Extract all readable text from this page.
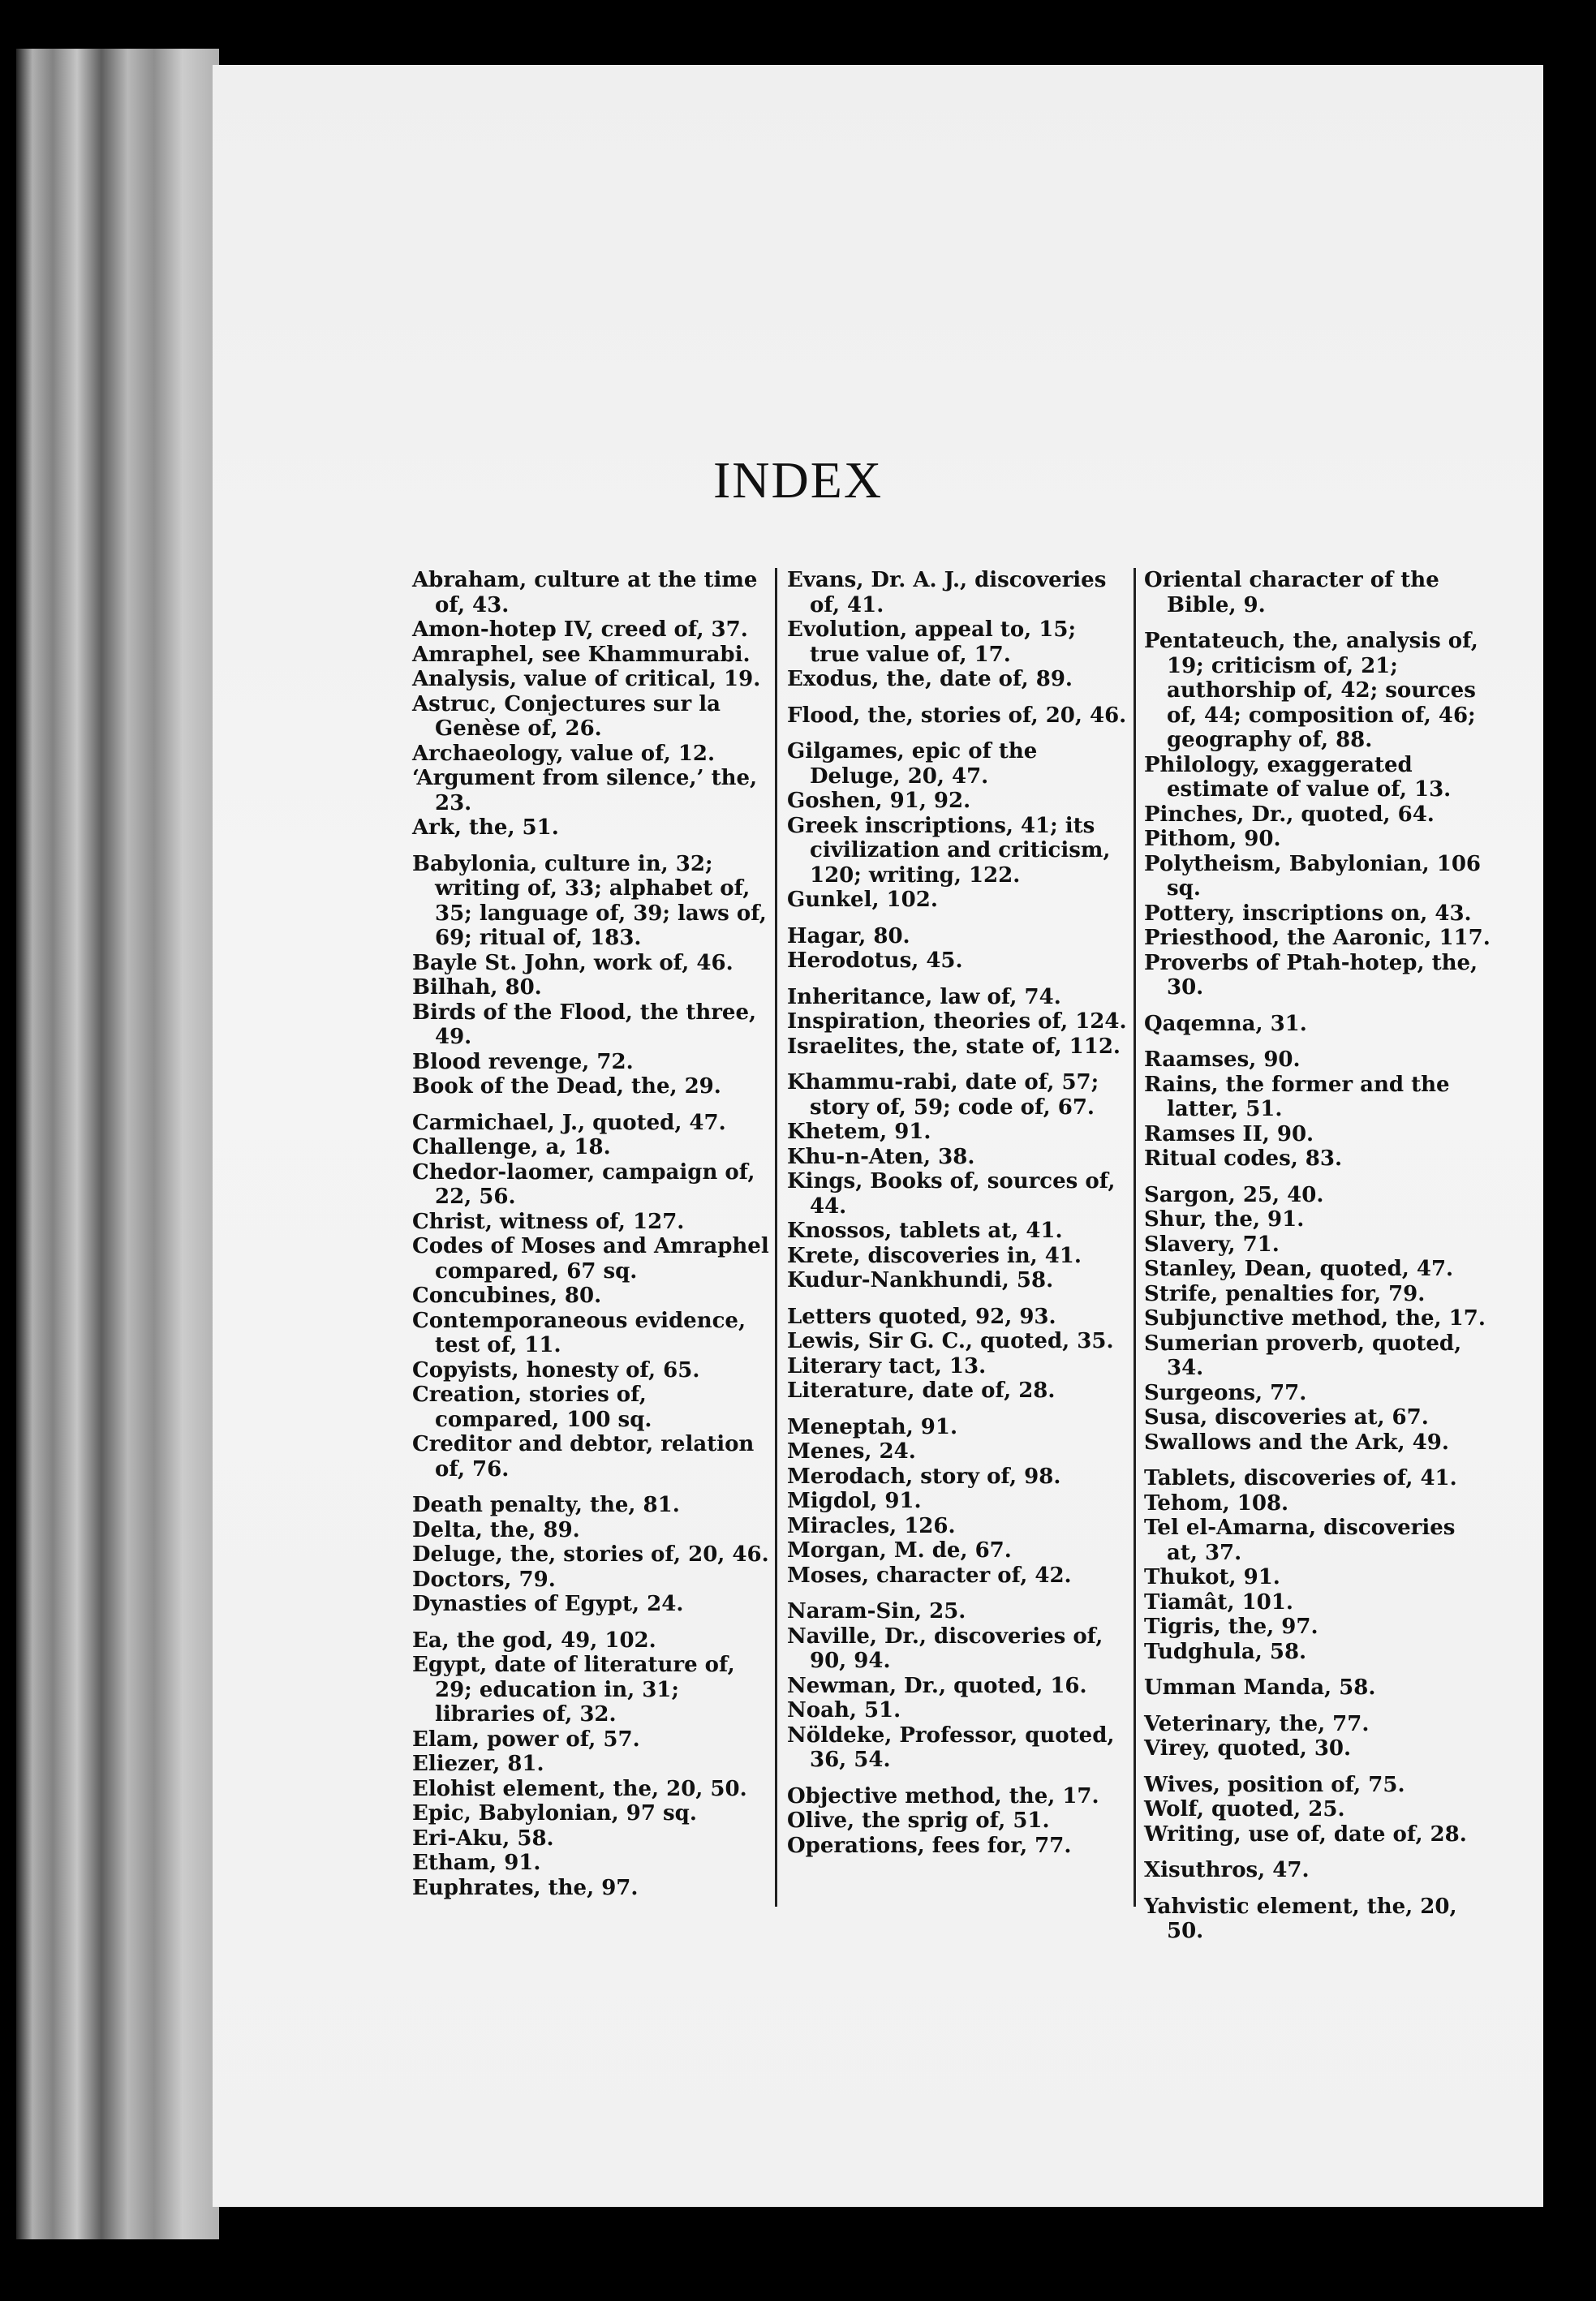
INDEX
Abraham, culture at the time of, 43.
Amon-hotep IV, creed of, 37.
Amraphel, see Khammurabi.
Analysis, value of critical, 19.
Astruc, Conjectures sur la Genèse of, 26.
Archaeology, value of, 12.
‘Argument from silence,’ the, 23.
Ark, the, 51.
Babylonia, culture in, 32; writing of, 33; alphabet of, 35; language of, 39; laws of, 69; ritual of, 183.
Bayle St. John, work of, 46.
Bilhah, 80.
Birds of the Flood, the three, 49.
Blood revenge, 72.
Book of the Dead, the, 29.
Carmichael, J., quoted, 47.
Challenge, a, 18.
Chedor-laomer, campaign of, 22, 56.
Christ, witness of, 127.
Codes of Moses and Amraphel compared, 67 sq.
Concubines, 80.
Contemporaneous evidence, test of, 11.
Copyists, honesty of, 65.
Creation, stories of, compared, 100 sq.
Creditor and debtor, relation of, 76.
Death penalty, the, 81.
Delta, the, 89.
Deluge, the, stories of, 20, 46.
Doctors, 79.
Dynasties of Egypt, 24.
Ea, the god, 49, 102.
Egypt, date of literature of, 29; education in, 31; libraries of, 32.
Elam, power of, 57.
Eliezer, 81.
Elohist element, the, 20, 50.
Epic, Babylonian, 97 sq.
Eri-Aku, 58.
Etham, 91.
Euphrates, the, 97.
Evans, Dr. A. J., discoveries of, 41.
Evolution, appeal to, 15; true value of, 17.
Exodus, the, date of, 89.
Flood, the, stories of, 20, 46.
Gilgames, epic of the Deluge, 20, 47.
Goshen, 91, 92.
Greek inscriptions, 41; its civilization and criticism, 120; writing, 122.
Gunkel, 102.
Hagar, 80.
Herodotus, 45.
Inheritance, law of, 74.
Inspiration, theories of, 124.
Israelites, the, state of, 112.
Khammu-rabi, date of, 57; story of, 59; code of, 67.
Khetem, 91.
Khu-n-Aten, 38.
Kings, Books of, sources of, 44.
Knossos, tablets at, 41.
Krete, discoveries in, 41.
Kudur-Nankhundi, 58.
Letters quoted, 92, 93.
Lewis, Sir G. C., quoted, 35.
Literary tact, 13.
Literature, date of, 28.
Meneptah, 91.
Menes, 24.
Merodach, story of, 98.
Migdol, 91.
Miracles, 126.
Morgan, M. de, 67.
Moses, character of, 42.
Naram-Sin, 25.
Naville, Dr., discoveries of, 90, 94.
Newman, Dr., quoted, 16.
Noah, 51.
Nöldeke, Professor, quoted, 36, 54.
Objective method, the, 17.
Olive, the sprig of, 51.
Operations, fees for, 77.
Oriental character of the Bible, 9.
Pentateuch, the, analysis of, 19; criticism of, 21; authorship of, 42; sources of, 44; composition of, 46; geography of, 88.
Philology, exaggerated estimate of value of, 13.
Pinches, Dr., quoted, 64.
Pithom, 90.
Polytheism, Babylonian, 106 sq.
Pottery, inscriptions on, 43.
Priesthood, the Aaronic, 117.
Proverbs of Ptah-hotep, the, 30.
Qaqemna, 31.
Raamses, 90.
Rains, the former and the latter, 51.
Ramses II, 90.
Ritual codes, 83.
Sargon, 25, 40.
Shur, the, 91.
Slavery, 71.
Stanley, Dean, quoted, 47.
Strife, penalties for, 79.
Subjunctive method, the, 17.
Sumerian proverb, quoted, 34.
Surgeons, 77.
Susa, discoveries at, 67.
Swallows and the Ark, 49.
Tablets, discoveries of, 41.
Tehom, 108.
Tel el-Amarna, discoveries at, 37.
Thukot, 91.
Tiamât, 101.
Tigris, the, 97.
Tudghula, 58.
Umman Manda, 58.
Veterinary, the, 77.
Virey, quoted, 30.
Wives, position of, 75.
Wolf, quoted, 25.
Writing, use of, date of, 28.
Xisuthros, 47.
Yahvistic element, the, 20, 50.
